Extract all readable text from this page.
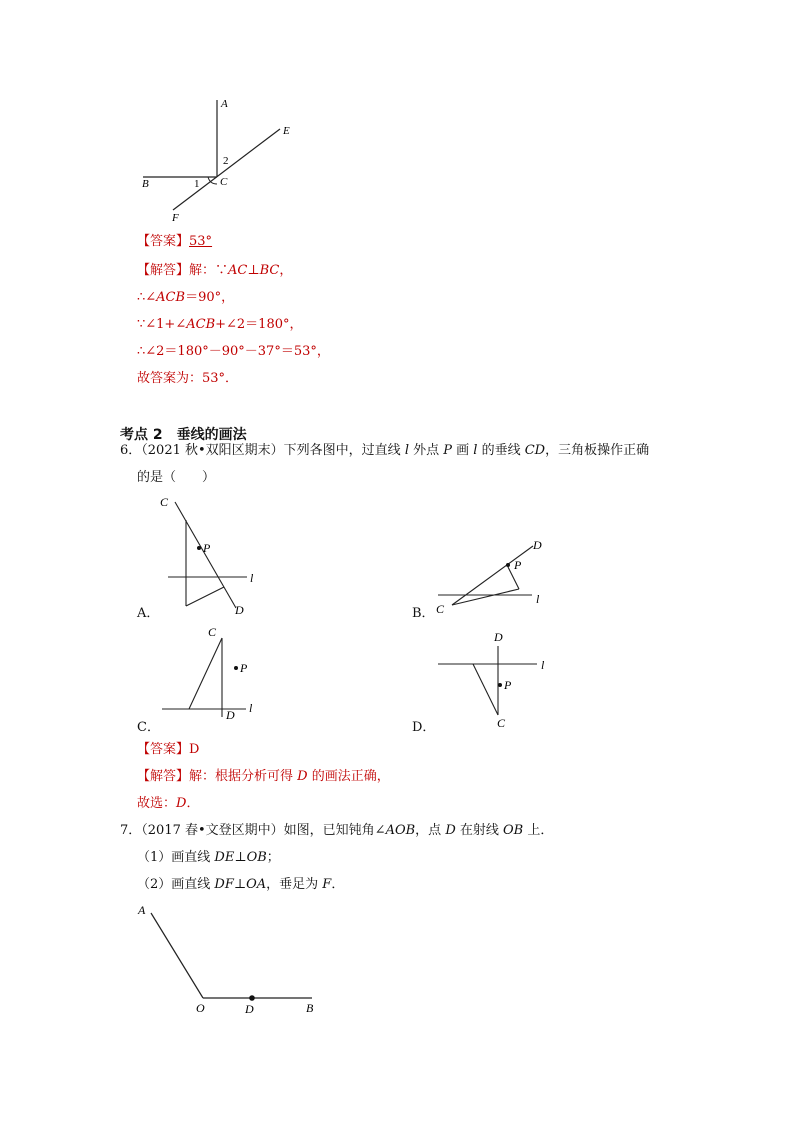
A
E
2
B	1 C
F
【答案】53°
【解答】解：∵AC⊥BC，
∴∠ACB＝90°，
∵∠1+∠ACB+∠2＝180°，
∴∠2＝180°－90°－37°＝53°，
故答案为：53°．
考点 2　垂线的画法
6．（2021 秋•双阳区期末）下列各图中，过直线 l 外点 P 画 l 的垂线 CD，三角板操作正确
的是（　　）
C
P
l
D
A．
D
P
l
C
B．
C
P
l
D
C．
D
l
P
C
D．
【答案】D
【解答】解：根据分析可得 D 的画法正确，
故选：D．
7．（2017 春•文登区期中）如图，已知钝角∠AOB，点 D 在射线 OB 上．
（1）画直线 DE⊥OB；
（2）画直线 DF⊥OA，垂足为 F．
A
O	D	B
